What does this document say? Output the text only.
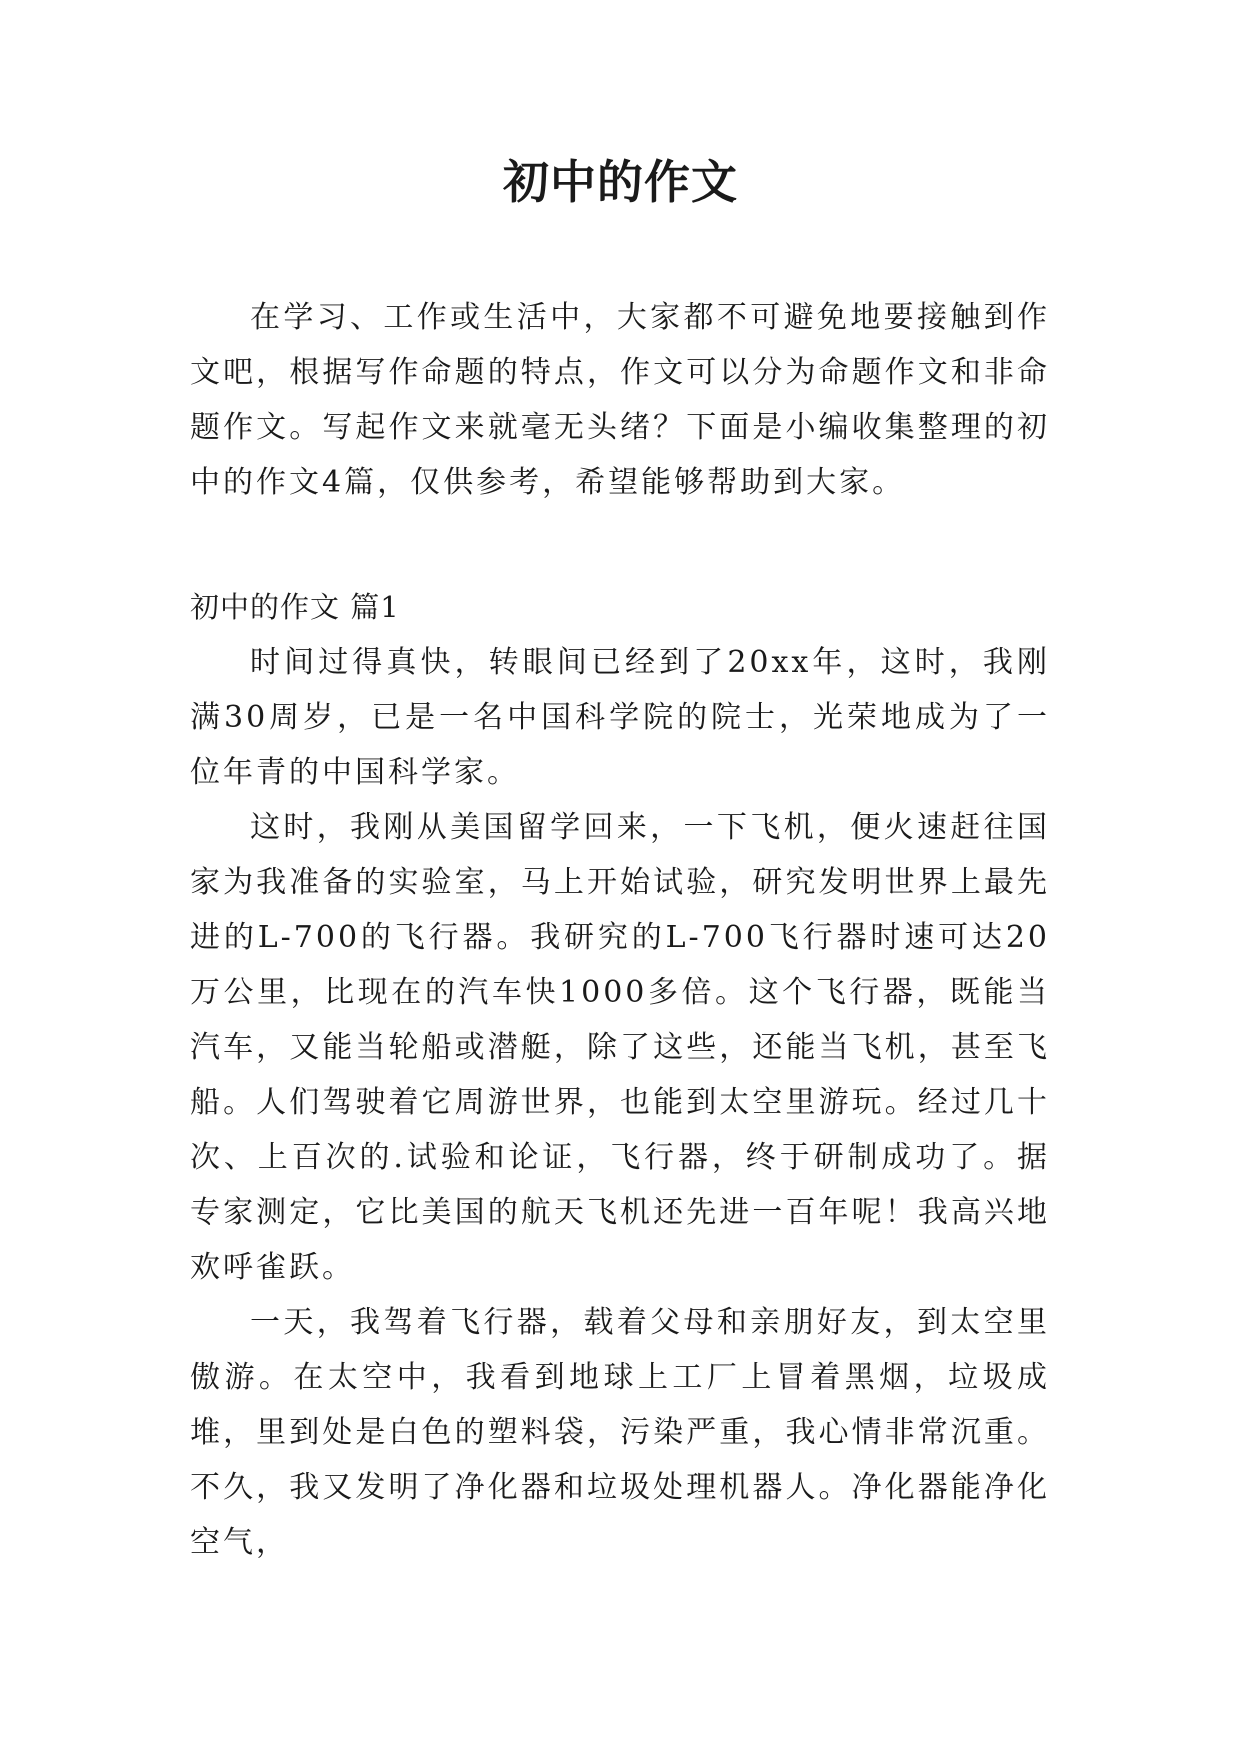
初中的作文

在学习、工作或生活中，大家都不可避免地要接触到作文吧，根据写作命题的特点，作文可以分为命题作文和非命题作文。写起作文来就毫无头绪？下面是小编收集整理的初中的作文4篇，仅供参考，希望能够帮助到大家。

初中的作文 篇1

时间过得真快，转眼间已经到了20xx年，这时，我刚满30周岁，已是一名中国科学院的院士，光荣地成为了一位年青的中国科学家。

这时，我刚从美国留学回来，一下飞机，便火速赶往国家为我准备的实验室，马上开始试验，研究发明世界上最先进的L-700的飞行器。我研究的L-700飞行器时速可达20万公里，比现在的汽车快1000多倍。这个飞行器，既能当汽车，又能当轮船或潜艇，除了这些，还能当飞机，甚至飞船。人们驾驶着它周游世界，也能到太空里游玩。经过几十次、上百次的.试验和论证，飞行器，终于研制成功了。据专家测定，它比美国的航天飞机还先进一百年呢！我高兴地欢呼雀跃。

一天，我驾着飞行器，载着父母和亲朋好友，到太空里傲游。在太空中，我看到地球上工厂上冒着黑烟，垃圾成堆，里到处是白色的塑料袋，污染严重，我心情非常沉重。不久，我又发明了净化器和垃圾处理机器人。净化器能净化空气，
